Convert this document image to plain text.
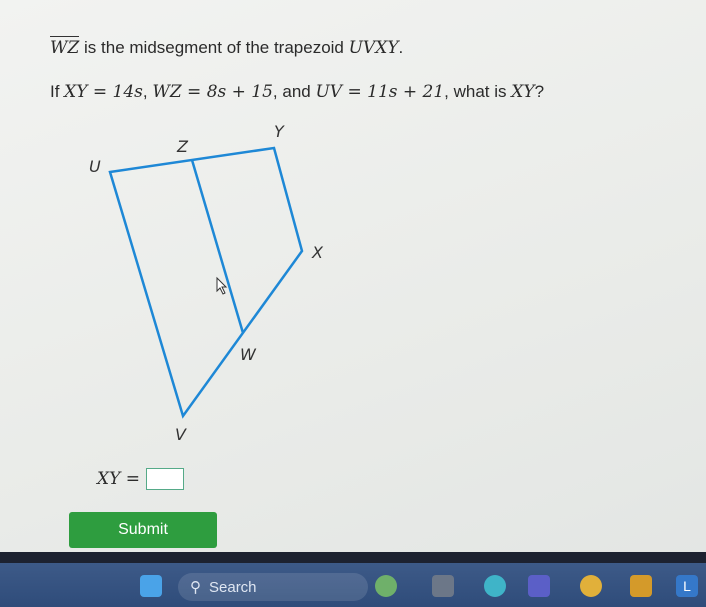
WZ is the midsegment of the trapezoid UVXY.
If XY = 14s, WZ = 8s + 15, and UV = 11s + 21, what is XY?
U
Z
Y
X
W
V
XY =
Submit
⚲ Search	L
